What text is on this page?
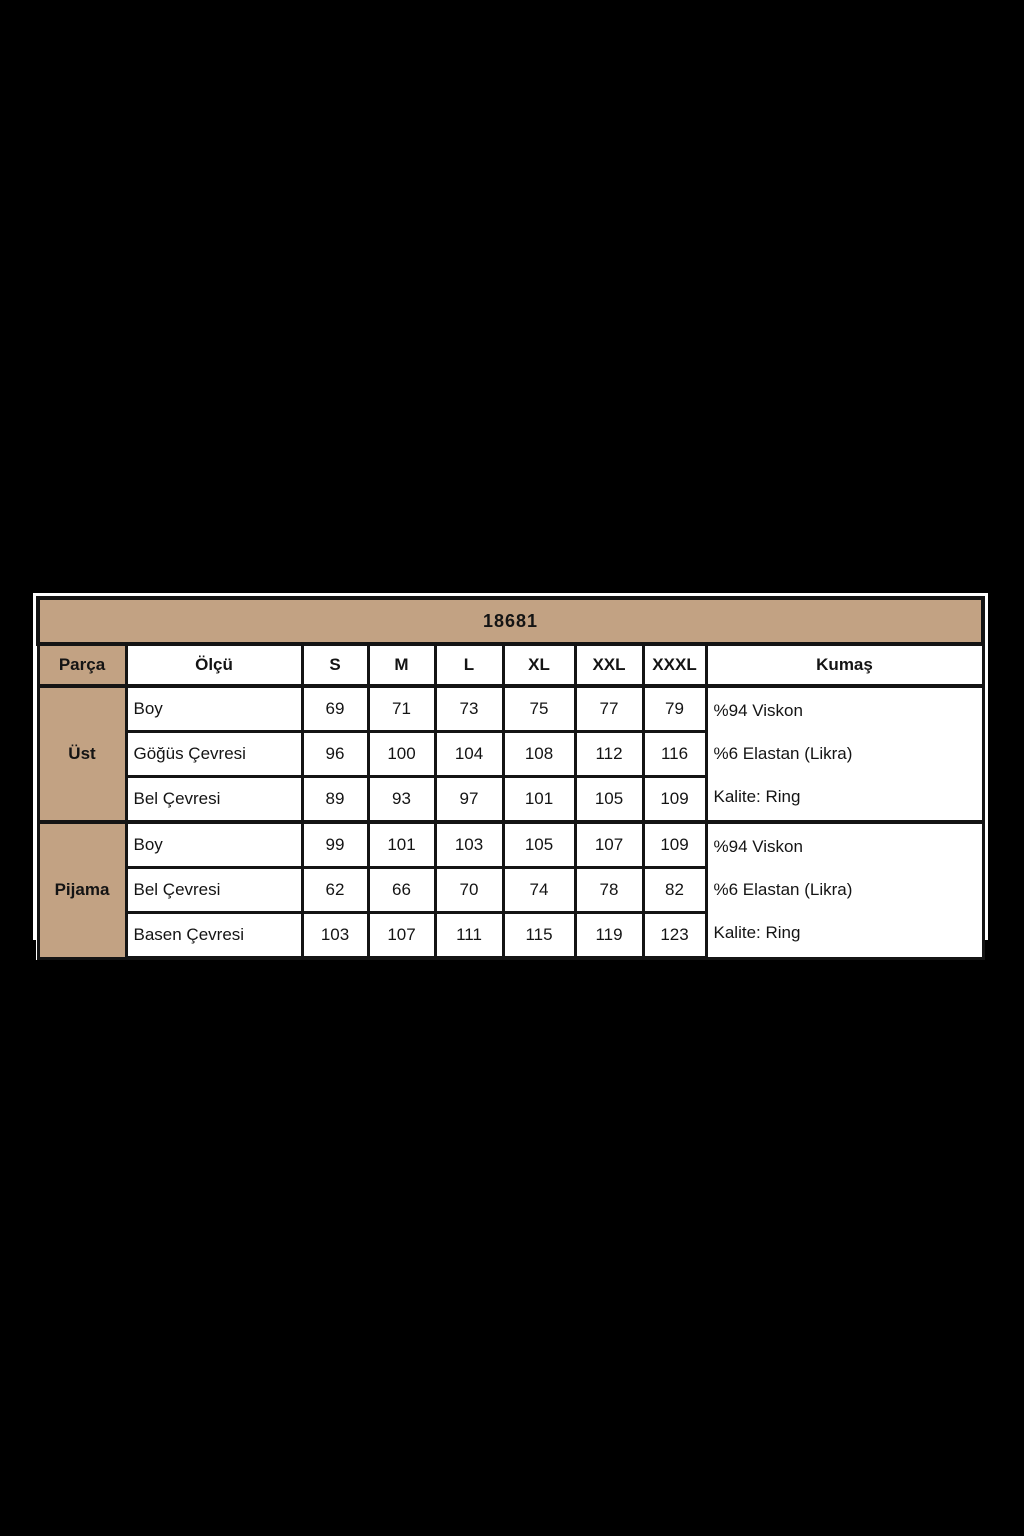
18681								
Parça	Ölçü	S	M	L	XL	XXL	XXXL	Kumaş
Üst	Boy	69	71	73	75	77	79	%94 Viskon
%6 Elastan (Likra)
Kalite: Ring

	Göğüs Çevresi	96	100	104	108	112	116	
	Bel Çevresi	89	93	97	101	105	109	
Pijama	Boy	99	101	103	105	107	109	%94 Viskon
%6 Elastan (Likra)
Kalite: Ring

	Bel Çevresi	62	66	70	74	78	82	
	Basen Çevresi	103	107	111	115	119	123	
